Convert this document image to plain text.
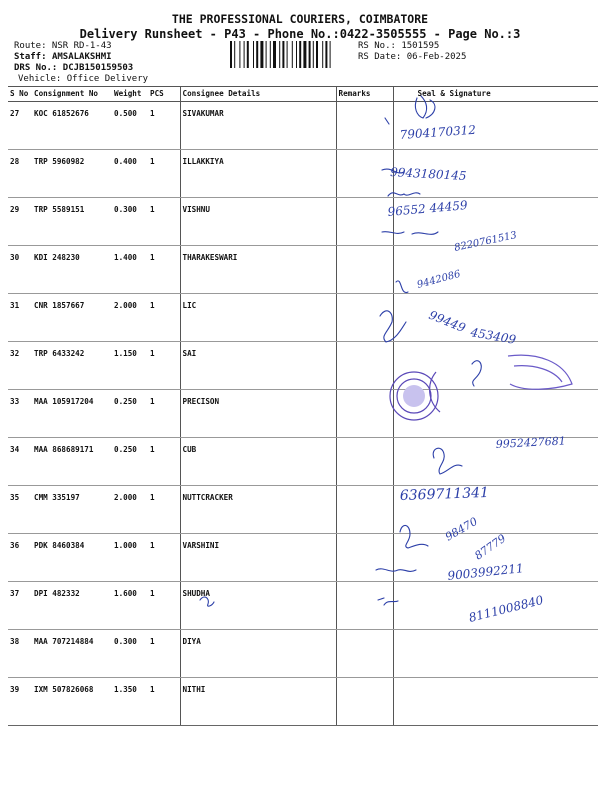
THE PROFESSIONAL COURIERS, COIMBATORE
Delivery Runsheet - P43 - Phone No.:0422-3505555 - Page No.:3
Route: NSR RD-1-43
Staff: AMSALAKSHMI
DRS No.: DCJB150159503
Vehicle: Office Delivery
RS No.: 1501595
RS Date: 06-Feb-2025
S No	Consignment No	Weight	PCS	Consignee Details	Remarks	Seal & Signature
27	KOC 61852676	0.500	1	SIVAKUMAR		
28	TRP 5960982	0.400	1	ILLAKKIYA		
29	TRP 5589151	0.300	1	VISHNU		
30	KDI 248230	1.400	1	THARAKESWARI		
31	CNR 1857667	2.000	1	LIC		
32	TRP 6433242	1.150	1	SAI		
33	MAA 105917204	0.250	1	PRECISON		
34	MAA 868689171	0.250	1	CUB		
35	CMM 335197	2.000	1	NUTTCRACKER		
36	PDK 8460384	1.000	1	VARSHINI		
37	DPI 482332	1.600	1	SHUDHA		
38	MAA 707214884	0.300	1	DIYA		
39	IXM 507826068	1.350	1	NITHI		
7904170312
9943180145
96552 44459
8220761513
9442086
99449
453409
9952427681
6369711341
98470
87779
9003992211
8111008840
